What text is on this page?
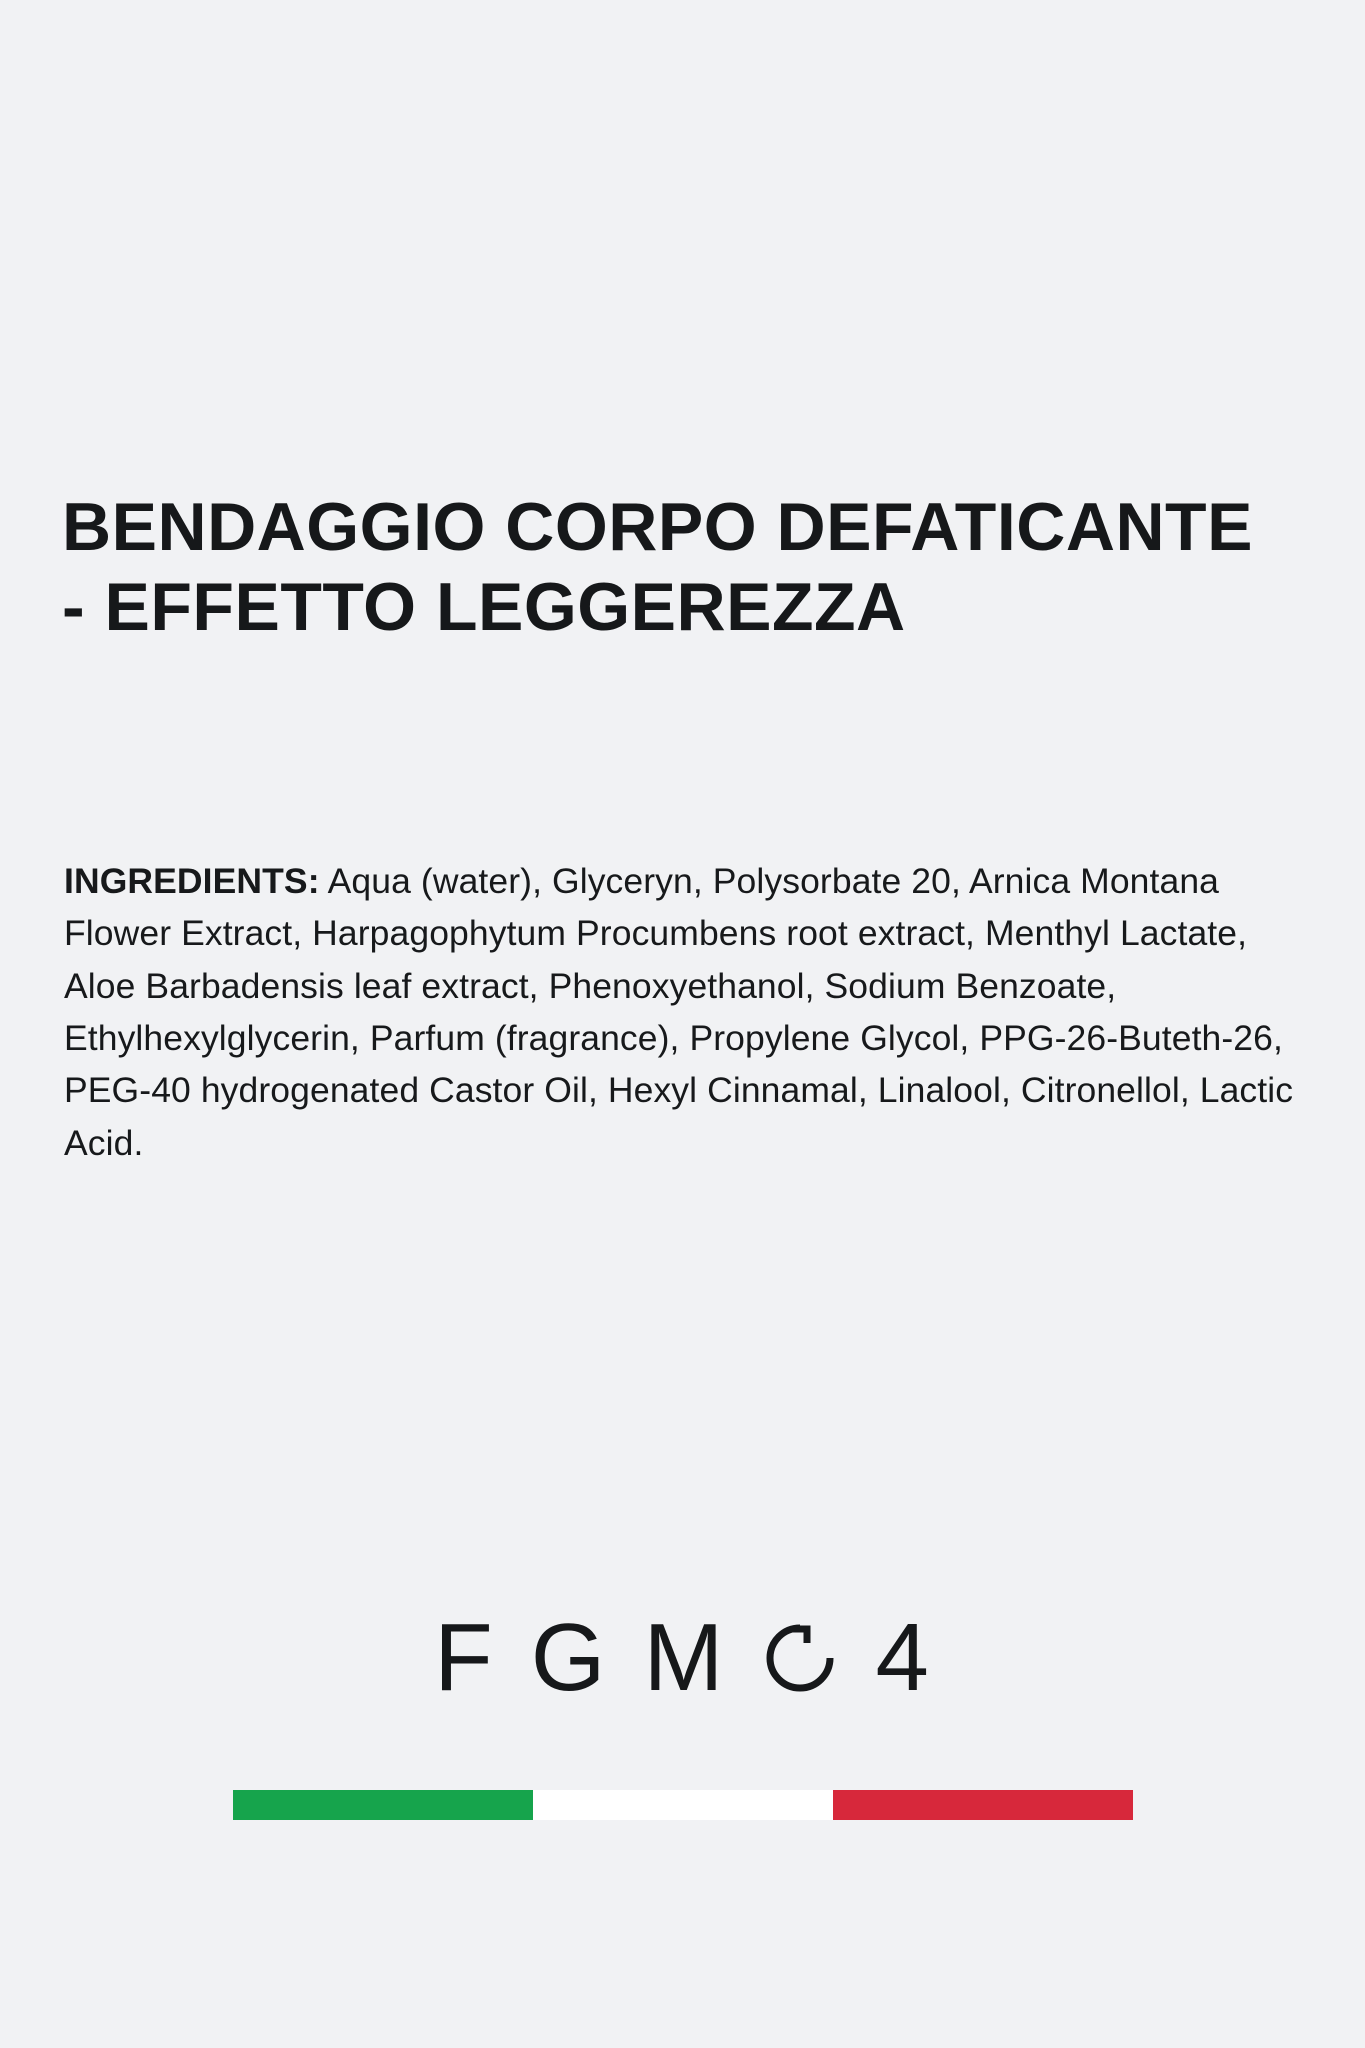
BENDAGGIO CORPO DEFATICANTE - EFFETTO LEGGEREZZA

INGREDIENTS: Aqua (water), Glyceryn, Polysorbate 20, Arnica Montana Flower Extract, Harpagophytum Procumbens root extract, Menthyl Lactate, Aloe Barbadensis leaf extract, Phenoxyethanol, Sodium Benzoate, Ethylhexylglycerin, Parfum (fragrance), Propylene Glycol, PPG-26-Buteth-26, PEG-40 hydrogenated Castor Oil, Hexyl Cinnamal, Linalool, Citronellol, Lactic Acid.

F G M 4
